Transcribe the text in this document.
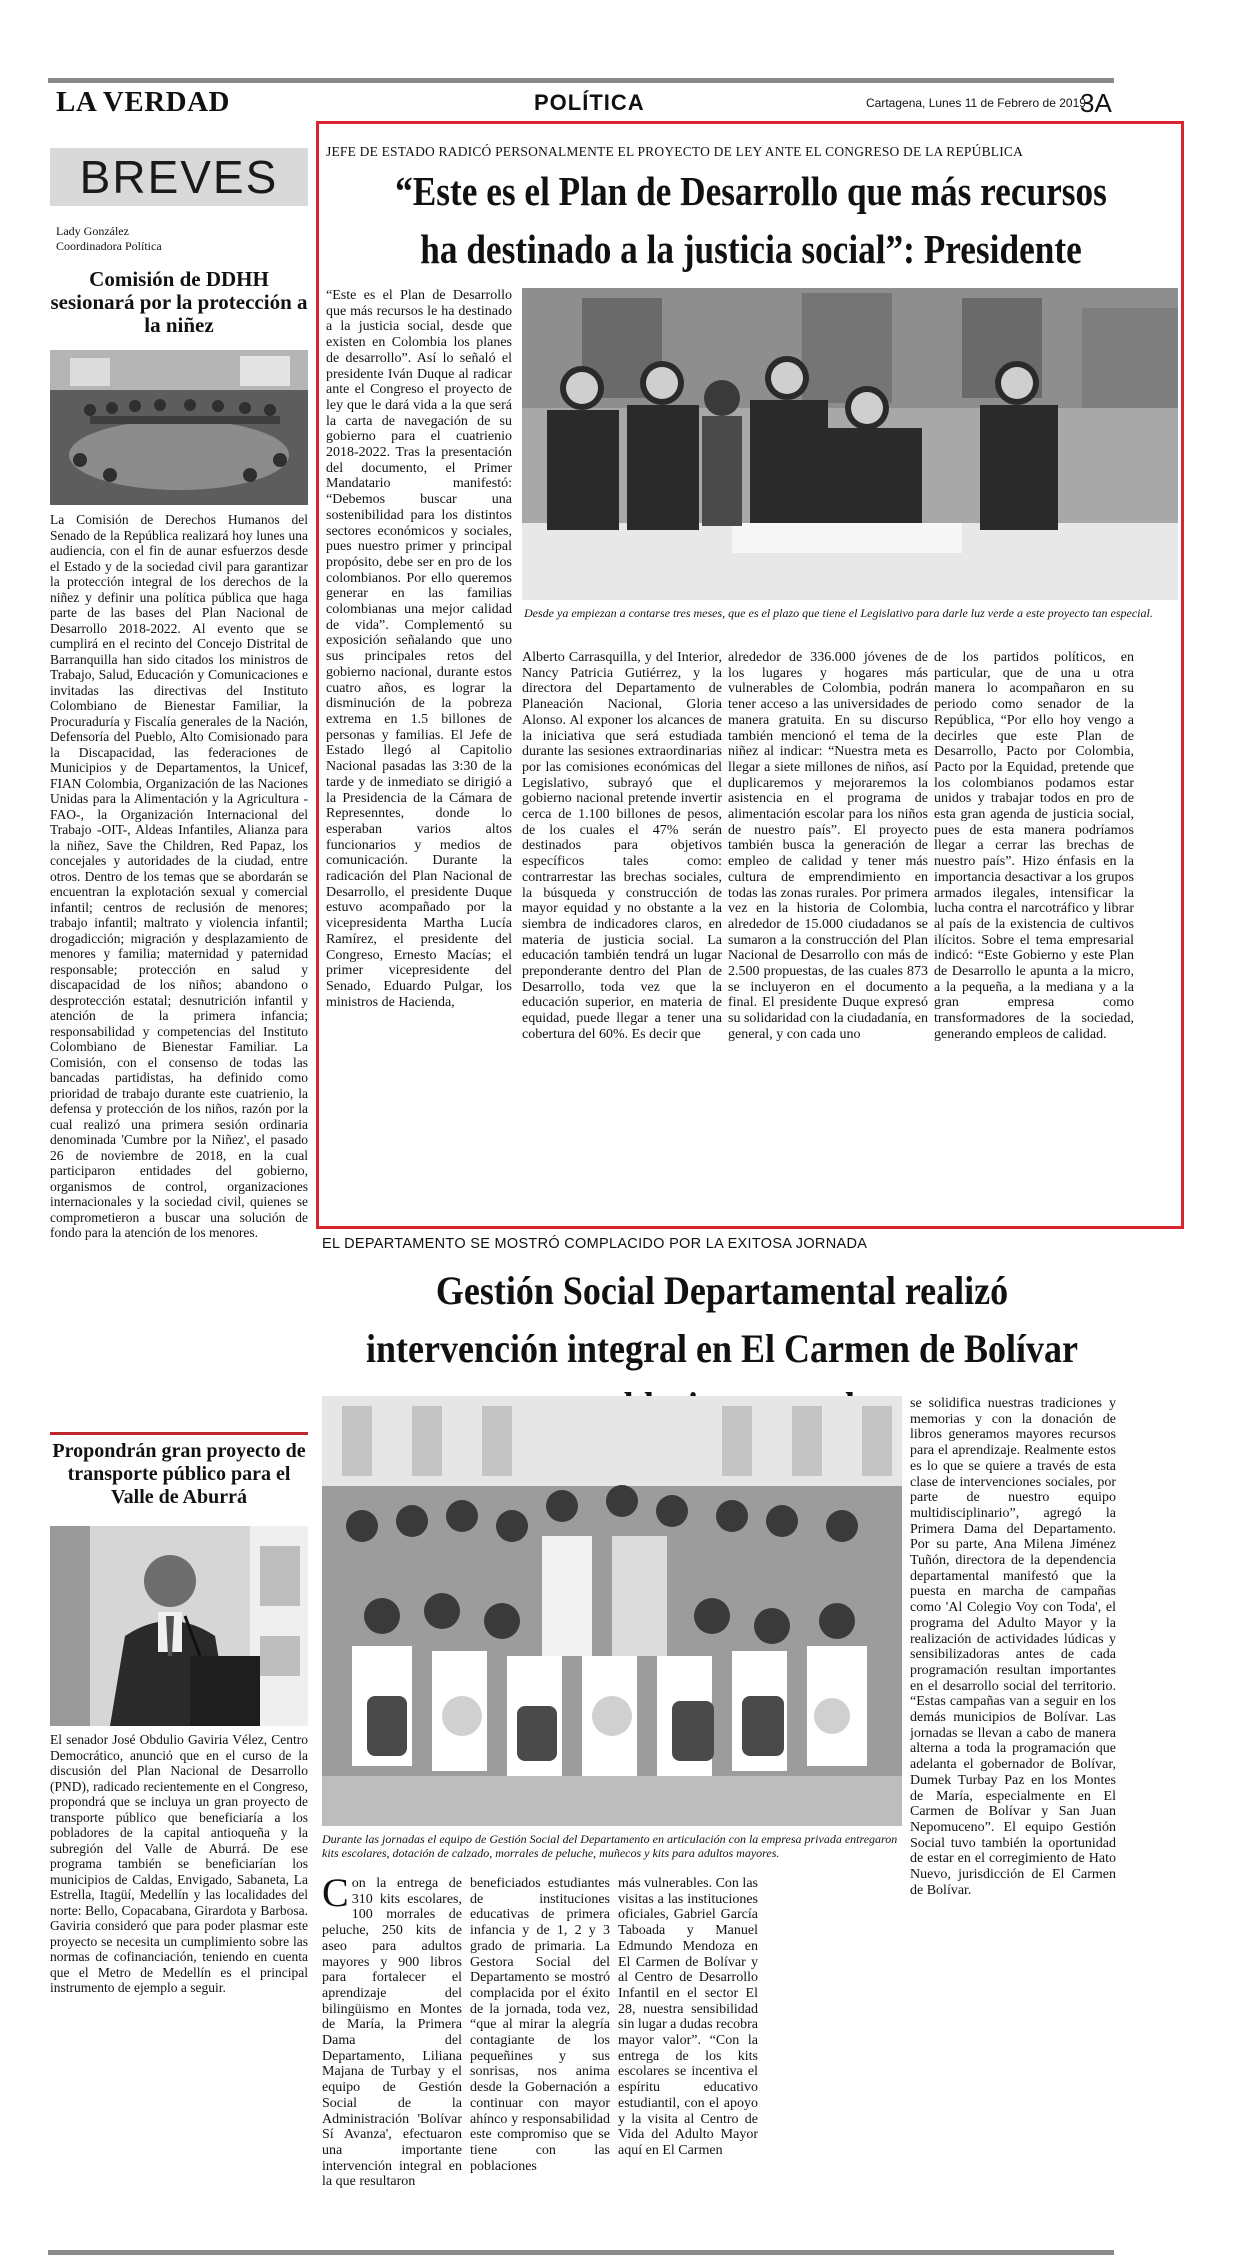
LA VERDAD	POLÍTICA	Cartagena, Lunes 11 de Febrero de 2019
3A
BREVES
Lady González
Coordinadora Política
Comisión de DDHH sesionará por la protección a la niñez
La Comisión de Derechos Humanos del Senado de la República realizará hoy lunes una audiencia, con el fin de aunar esfuerzos desde el Estado y de la sociedad civil para garantizar la protección integral de los derechos de la niñez y definir una política pública que haga parte de las bases del Plan Nacional de Desarrollo 2018-2022. Al evento que se cumplirá en el recinto del Concejo Distrital de Barranquilla han sido citados los ministros de Trabajo, Salud, Educación y Comunicaciones e invitadas las directivas del Instituto Colombiano de Bienestar Familiar, la Procuraduría y Fiscalía generales de la Nación, Defensoría del Pueblo, Alto Comisionado para la Discapacidad, las federaciones de Municipios y de Departamentos, la Unicef, FIAN Colombia, Organización de las Naciones Unidas para la Alimentación y la Agricultura -FAO-, la Organización Internacional del Trabajo -OIT-, Aldeas Infantiles, Alianza para la niñez, Save the Children, Red Papaz, los concejales y autoridades de la ciudad, entre otros. Dentro de los temas que se abordarán se encuentran la explotación sexual y comercial infantil; centros de reclusión de menores; trabajo infantil; maltrato y violencia infantil; drogadicción; migración y desplazamiento de menores y familia; maternidad y paternidad responsable; protección en salud y discapacidad de los niños; abandono o desprotección estatal; desnutrición infantil y atención de la primera infancia; responsabilidad y competencias del Instituto Colombiano de Bienestar Familiar. La Comisión, con el consenso de todas las bancadas partidistas, ha definido como prioridad de trabajo durante este cuatrienio, la defensa y protección de los niños, razón por la cual realizó una primera sesión ordinaria denominada 'Cumbre por la Niñez', el pasado 26 de noviembre de 2018, en la cual participaron entidades del gobierno, organismos de control, organizaciones internacionales y la sociedad civil, quienes se comprometieron a buscar una solución de fondo para la atención de los menores.
Propondrán gran proyecto de transporte público para el Valle de Aburrá
El senador José Obdulio Gaviria Vélez, Centro Democrático, anunció que en el curso de la discusión del Plan Nacional de Desarrollo (PND), radicado recientemente en el Congreso, propondrá que se incluya un gran proyecto de transporte público que beneficiaría a los pobladores de la capital antioqueña y la subregión del Valle de Aburrá. De ese programa también se beneficiarían los municipios de Caldas, Envigado, Sabaneta, La Estrella, Itagüí, Medellín y las localidades del norte: Bello, Copacabana, Girardota y Barbosa. Gaviria consideró que para poder plasmar este proyecto se necesita un cumplimiento sobre las normas de cofinanciación, teniendo en cuenta que el Metro de Medellín es el principal instrumento de ejemplo a seguir.
JEFE DE ESTADO RADICÓ PERSONALMENTE EL PROYECTO DE LEY ANTE EL CONGRESO DE LA REPÚBLICA
“Este es el Plan de Desarrollo que más recursos ha destinado a la justicia social”: Presidente
“Este es el Plan de Desarrollo que más recursos le ha destinado a la justicia social, desde que existen en Colombia los planes de desarrollo”. Así lo señaló el presidente Iván Duque al radicar ante el Congreso el proyecto de ley que le dará vida a la que será la carta de navegación de su gobierno para el cuatrienio 2018-2022. Tras la presentación del documento, el Primer Mandatario manifestó: “Debemos buscar una sostenibilidad para los distintos sectores económicos y sociales, pues nuestro primer y principal propósito, debe ser en pro de los colombianos. Por ello queremos generar en las familias colombianas una mejor calidad de vida”. Complementó su exposición señalando que uno sus principales retos del gobierno nacional, durante estos cuatro años, es lograr la disminución de la pobreza extrema en 1.5 billones de personas y familias. El Jefe de Estado llegó al Capitolio Nacional pasadas las 3:30 de la tarde y de inmediato se dirigió a la Presidencia de la Cámara de Represenntes, donde lo esperaban varios altos funcionarios y medios de comunicación. Durante la radicación del Plan Nacional de Desarrollo, el presidente Duque estuvo acompañado por la vicepresidenta Martha Lucía Ramírez, el presidente del Congreso, Ernesto Macías; el primer vicepresidente del Senado, Eduardo Pulgar, los ministros de Hacienda,
Desde ya empiezan a contarse tres meses, que es el plazo que tiene el Legislativo para darle luz verde a este proyecto tan especial.
Alberto Carrasquilla, y del Interior, Nancy Patricia Gutiérrez, y la directora del Departamento de Planeación Nacional, Gloria Alonso. Al exponer los alcances de la iniciativa que será estudiada durante las sesiones extraordinarias por las comisiones económicas del Legislativo, subrayó que el gobierno nacional pretende invertir cerca de 1.100 billones de pesos, de los cuales el 47% serán destinados para objetivos específicos tales como: contrarrestar las brechas sociales, la búsqueda y construcción de mayor equidad y no obstante a la siembra de indicadores claros, en materia de justicia social. La educación también tendrá un lugar preponderante dentro del Plan de Desarrollo, toda vez que la educación superior, en materia de equidad, puede llegar a tener una cobertura del 60%. Es decir que
alrededor de 336.000 jóvenes de los lugares y hogares más vulnerables de Colombia, podrán tener acceso a las universidades de manera gratuita. En su discurso también mencionó el tema de la niñez al indicar: “Nuestra meta es llegar a siete millones de niños, así duplicaremos y mejoraremos la asistencia en el programa de alimentación escolar para los niños de nuestro país”. El proyecto también busca la generación de empleo de calidad y tener más cultura de emprendimiento en todas las zonas rurales. Por primera vez en la historia de Colombia, alrededor de 15.000 ciudadanos se sumaron a la construcción del Plan Nacional de Desarrollo con más de 2.500 propuestas, de las cuales 873 se incluyeron en el documento final. El presidente Duque expresó su solidaridad con la ciudadanía, en general, y con cada uno
de los partidos políticos, en particular, que de una u otra manera lo acompañaron en su periodo como senador de la República, “Por ello hoy vengo a decirles que este Plan de Desarrollo, Pacto por Colombia, Pacto por la Equidad, pretende que los colombianos podamos estar unidos y trabajar todos en pro de esta gran agenda de justicia social, pues de esta manera podríamos llegar a cerrar las brechas de nuestro país”. Hizo énfasis en la importancia desactivar a los grupos armados ilegales, intensificar la lucha contra el narcotráfico y librar al país de la existencia de cultivos ilícitos. Sobre el tema empresarial indicó: “Este Gobierno y este Plan de Desarrollo le apunta a la micro, a la pequeña, a la mediana y a la gran empresa como transformadores de la sociedad, generando empleos de calidad.
EL DEPARTAMENTO SE MOSTRÓ COMPLACIDO POR LA EXITOSA JORNADA
Gestión Social Departamental realizó intervención integral en El Carmen de Bolívar
Durante las jornadas el equipo de Gestión Social del Departamento en articulación con la empresa privada entregaron kits escolares, dotación de calzado, morrales de peluche, muñecos y kits para adultos mayores.
Con la entrega de 310 kits escolares, 100 morrales de peluche, 250 kits de aseo para adultos mayores y 900 libros para fortalecer el aprendizaje del bilingüismo en Montes de María, la Primera Dama del Departamento, Liliana Majana de Turbay y el equipo de Gestión Social de la Administración 'Bolívar Sí Avanza', efectuaron una importante intervención integral en la que resultaron
beneficiados estudiantes de instituciones educativas de primera infancia y de 1, 2 y 3 grado de primaria. La Gestora Social del Departamento se mostró complacida por el éxito de la jornada, toda vez, “que al mirar la alegría contagiante de los pequeñines y sus sonrisas, nos anima desde la Gobernación a continuar con mayor ahínco y responsabilidad este compromiso que se tiene con las poblaciones
más vulnerables. Con las visitas a las instituciones oficiales, Gabriel García Taboada y Manuel Edmundo Mendoza en El Carmen de Bolívar y al Centro de Desarrollo Infantil en el sector El 28, nuestra sensibilidad sin lugar a dudas recobra mayor valor”. “Con la entrega de los kits escolares se incentiva el espíritu educativo estudiantil, con el apoyo y la visita al Centro de Vida del Adulto Mayor aquí en El Carmen
se solidifica nuestras tradiciones y memorias y con la donación de libros generamos mayores recursos para el aprendizaje. Realmente estos es lo que se quiere a través de esta clase de intervenciones sociales, por parte de nuestro equipo multidisciplinario”, agregó la Primera Dama del Departamento. Por su parte, Ana Milena Jiménez Tuñón, directora de la dependencia departamental manifestó que la puesta en marcha de campañas como 'Al Colegio Voy con Toda', el programa del Adulto Mayor y la realización de actividades lúdicas y sensibilizadoras antes de cada programación resultan importantes en el desarrollo social del territorio. “Estas campañas van a seguir en los demás municipios de Bolívar. Las jornadas se llevan a cabo de manera alterna a toda la programación que adelanta el gobernador de Bolívar, Dumek Turbay Paz en los Montes de María, especialmente en El Carmen de Bolívar y San Juan Nepomuceno”. El equipo Gestión Social tuvo también la oportunidad de estar en el corregimiento de Hato Nuevo, jurisdicción de El Carmen de Bolívar.
